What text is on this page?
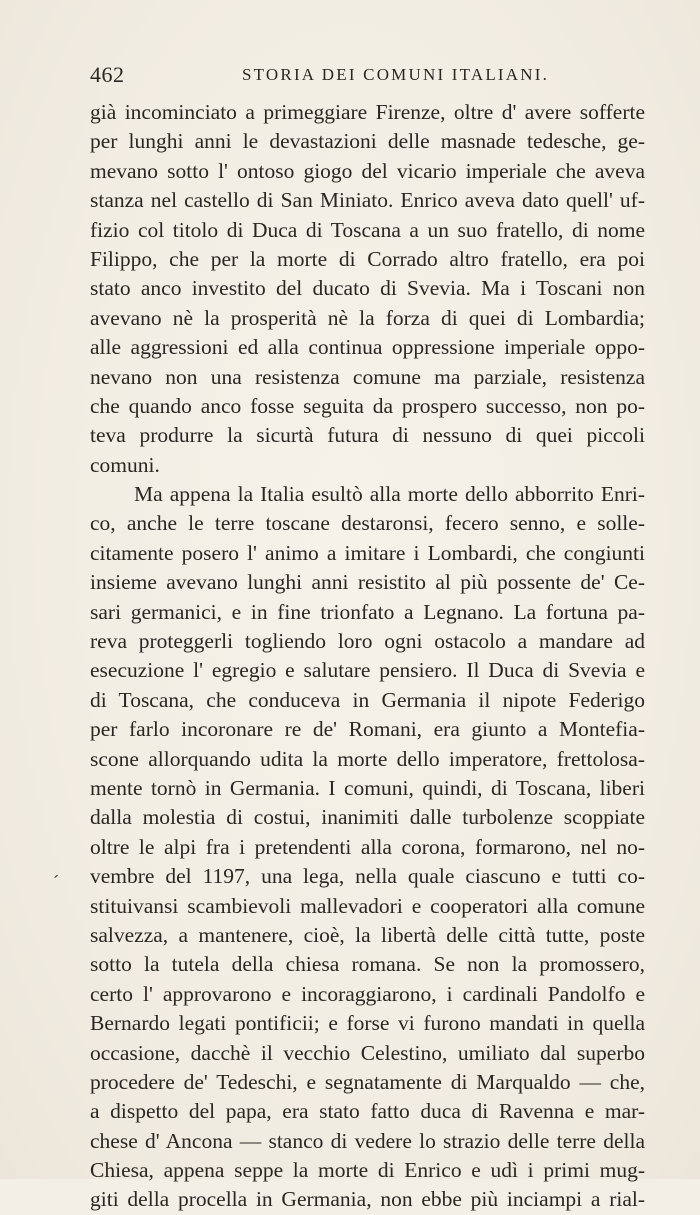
462	STORIA DEI COMUNI ITALIANI.
´
già incominciato a primeggiare Firenze, oltre d' avere sofferte
per lunghi anni le devastazioni delle masnade tedesche, ge-
mevano sotto l' ontoso giogo del vicario imperiale che aveva
stanza nel castello di San Miniato. Enrico aveva dato quell' uf-
fizio col titolo di Duca di Toscana a un suo fratello, di nome
Filippo, che per la morte di Corrado altro fratello, era poi
stato anco investito del ducato di Svevia. Ma i Toscani non
avevano nè la prosperità nè la forza di quei di Lombardia;
alle aggressioni ed alla continua oppressione imperiale oppo-
nevano non una resistenza comune ma parziale, resistenza
che quando anco fosse seguita da prospero successo, non po-
teva produrre la sicurtà futura di nessuno di quei piccoli
comuni.
Ma appena la Italia esultò alla morte dello abborrito Enri-
co, anche le terre toscane destaronsi, fecero senno, e solle-
citamente posero l' animo a imitare i Lombardi, che congiunti
insieme avevano lunghi anni resistito al più possente de' Ce-
sari germanici, e in fine trionfato a Legnano. La fortuna pa-
reva proteggerli togliendo loro ogni ostacolo a mandare ad
esecuzione l' egregio e salutare pensiero. Il Duca di Svevia e
di Toscana, che conduceva in Germania il nipote Federigo
per farlo incoronare re de' Romani, era giunto a Montefia-
scone allorquando udita la morte dello imperatore, frettolosa-
mente tornò in Germania. I comuni, quindi, di Toscana, liberi
dalla molestia di costui, inanimiti dalle turbolenze scoppiate
oltre le alpi fra i pretendenti alla corona, formarono, nel no-
vembre del 1197, una lega, nella quale ciascuno e tutti co-
stituivansi scambievoli mallevadori e cooperatori alla comune
salvezza, a mantenere, cioè, la libertà delle città tutte, poste
sotto la tutela della chiesa romana. Se non la promossero,
certo l' approvarono e incoraggiarono, i cardinali Pandolfo e
Bernardo legati pontificii; e forse vi furono mandati in quella
occasione, dacchè il vecchio Celestino, umiliato dal superbo
procedere de' Tedeschi, e segnatamente di Marqualdo — che,
a dispetto del papa, era stato fatto duca di Ravenna e mar-
chese d' Ancona — stanco di vedere lo strazio delle terre della
Chiesa, appena seppe la morte di Enrico e udì i primi mug-
giti della procella in Germania, non ebbe più inciampi a rial-
